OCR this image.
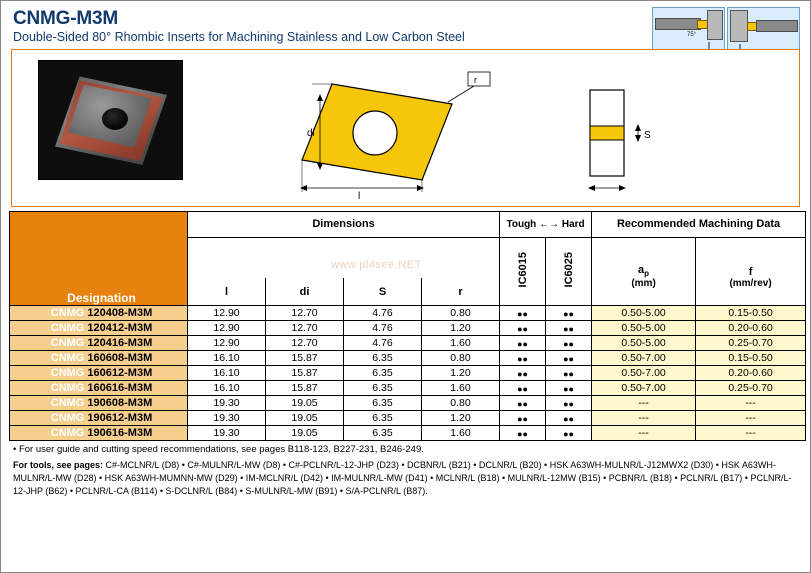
CNMG-M3M
Double-Sided 80° Rhombic Inserts for Machining Stainless and Low Carbon Steel	75°
r
di
l
S
www.pl4see.NET
Designation	Dimensions				Tough ←→ Hard		Recommended Machining Data	
					IC6015	IC6025	$a_p$	f
	l	di	S	r			(mm)	(mm/rev)
CNMG 120408-M3M	12.90	12.70	4.76	0.80	● ●	● ●	0.50-5.00	0.15-0.50
CNMG 120412-M3M	12.90	12.70	4.76	1.20	● ●	● ●	0.50-5.00	0.20-0.60
CNMG 120416-M3M	12.90	12.70	4.76	1.60	● ●	● ●	0.50-5.00	0.25-0.70
CNMG 160608-M3M	16.10	15.87	6.35	0.80	● ●	● ●	0.50-7.00	0.15-0.50
CNMG 160612-M3M	16.10	15.87	6.35	1.20	● ●	● ●	0.50-7.00	0.20-0.60
CNMG 160616-M3M	16.10	15.87	6.35	1.60	● ●	● ●	0.50-7.00	0.25-0.70
CNMG 190608-M3M	19.30	19.05	6.35	0.80	● ●	● ●	---	---
CNMG 190612-M3M	19.30	19.05	6.35	1.20	● ●	● ●	---	---
CNMG 190616-M3M	19.30	19.05	6.35	1.60	● ●	● ●	---	---
• For user guide and cutting speed recommendations, see pages B118-123, B227-231, B246-249.
For tools, see pages: C#-MCLNR/L (D8) • C#-MULNR/L-MW (D8) • C#-PCLNR/L-12-JHP (D23) • DCBNR/L (B21) • DCLNR/L (B20) • HSK A63WH-MULNR/L-J12MWX2 (D30) • HSK A63WH-MULNR/L-MW (D28) • HSK A63WH-MUMNN-MW (D29) • IM-MCLNR/L (D42) • IM-MULNR/L-MW (D41) • MCLNR/L (B18) • MULNR/L-12MW (B15) • PCBNR/L (B18) • PCLNR/L (B17) • PCLNR/L-12-JHP (B62) • PCLNR/L-CA (B114) • S-DCLNR/L (B84) • S-MULNR/L-MW (B91) • S/A-PCLNR/L (B87).
